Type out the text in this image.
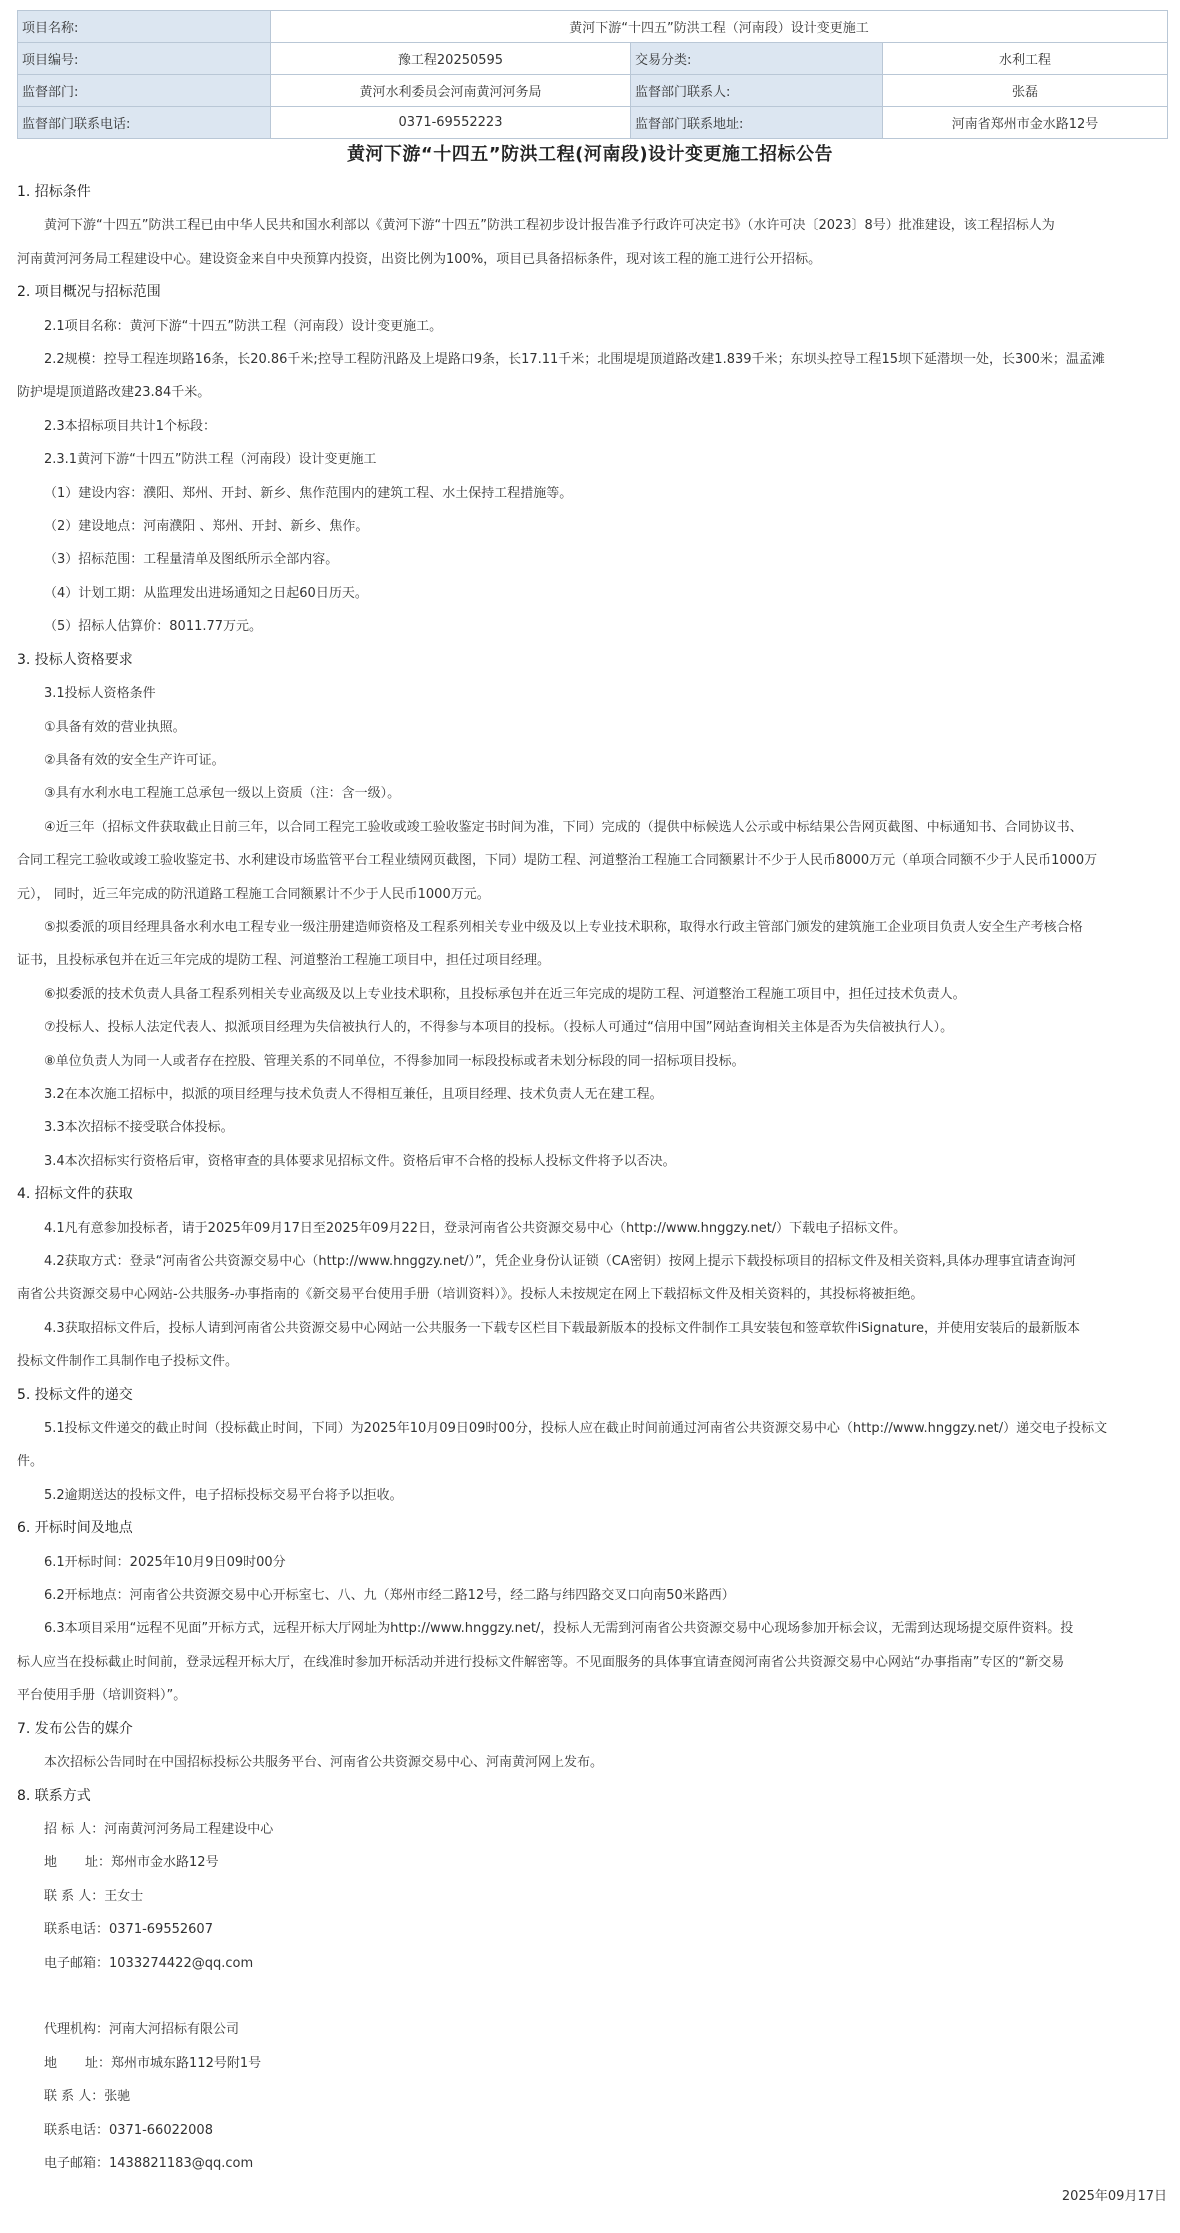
项目名称:	黄河下游“十四五”防洪工程（河南段）设计变更施工		
项目编号:	豫工程20250595	交易分类:	水利工程
监督部门:	黄河水利委员会河南黄河河务局	监督部门联系人:	张磊
监督部门联系电话:	0371-69552223	监督部门联系地址:	河南省郑州市金水路12号
黄河下游“十四五”防洪工程(河南段)设计变更施工招标公告

1. 招标条件

黄河下游“十四五”防洪工程已由中华人民共和国水利部以《黄河下游“十四五”防洪工程初步设计报告准予行政许可决定书》（水许可决〔2023〕8号）批准建设，该工程招标人为

河南黄河河务局工程建设中心。建设资金来自中央预算内投资，出资比例为100%，项目已具备招标条件，现对该工程的施工进行公开招标。

2. 项目概况与招标范围

2.1项目名称：黄河下游“十四五”防洪工程（河南段）设计变更施工。

2.2规模：控导工程连坝路16条，长20.86千米;控导工程防汛路及上堤路口9条，长17.11千米；北围堤堤顶道路改建1.839千米；东坝头控导工程15坝下延潜坝一处，长300米；温孟滩

防护堤堤顶道路改建23.84千米。

2.3本招标项目共计1个标段：

2.3.1黄河下游“十四五”防洪工程（河南段）设计变更施工

（1）建设内容：濮阳、郑州、开封、新乡、焦作范围内的建筑工程、水土保持工程措施等。

（2）建设地点：河南濮阳 、郑州、开封、新乡、焦作。

（3）招标范围：工程量清单及图纸所示全部内容。

（4）计划工期：从监理发出进场通知之日起60日历天。

（5）招标人估算价：8011.77万元。

3. 投标人资格要求

3.1投标人资格条件

①具备有效的营业执照。

②具备有效的安全生产许可证。

③具有水利水电工程施工总承包一级以上资质（注：含一级）。

④近三年（招标文件获取截止日前三年，以合同工程完工验收或竣工验收鉴定书时间为准，下同）完成的（提供中标候选人公示或中标结果公告网页截图、中标通知书、合同协议书、

合同工程完工验收或竣工验收鉴定书、水利建设市场监管平台工程业绩网页截图，下同）堤防工程、河道整治工程施工合同额累计不少于人民币8000万元（单项合同额不少于人民币1000万

元）， 同时，近三年完成的防汛道路工程施工合同额累计不少于人民币1000万元。

⑤拟委派的项目经理具备水利水电工程专业一级注册建造师资格及工程系列相关专业中级及以上专业技术职称，取得水行政主管部门颁发的建筑施工企业项目负责人安全生产考核合格

证书，且投标承包并在近三年完成的堤防工程、河道整治工程施工项目中，担任过项目经理。

⑥拟委派的技术负责人具备工程系列相关专业高级及以上专业技术职称，且投标承包并在近三年完成的堤防工程、河道整治工程施工项目中，担任过技术负责人。

⑦投标人、投标人法定代表人、拟派项目经理为失信被执行人的，不得参与本项目的投标。（投标人可通过“信用中国”网站查询相关主体是否为失信被执行人）。

⑧单位负责人为同一人或者存在控股、管理关系的不同单位，不得参加同一标段投标或者未划分标段的同一招标项目投标。

3.2在本次施工招标中，拟派的项目经理与技术负责人不得相互兼任，且项目经理、技术负责人无在建工程。

3.3本次招标不接受联合体投标。

3.4本次招标实行资格后审，资格审查的具体要求见招标文件。资格后审不合格的投标人投标文件将予以否决。

4. 招标文件的获取

4.1凡有意参加投标者，请于2025年09月17日至2025年09月22日，登录河南省公共资源交易中心（http://www.hnggzy.net/）下载电子招标文件。

4.2获取方式：登录“河南省公共资源交易中心（http://www.hnggzy.net/）”，凭企业身份认证锁（CA密钥）按网上提示下载投标项目的招标文件及相关资料,具体办理事宜请查询河

南省公共资源交易中心网站-公共服务-办事指南的《新交易平台使用手册（培训资料）》。投标人未按规定在网上下载招标文件及相关资料的，其投标将被拒绝。

4.3获取招标文件后，投标人请到河南省公共资源交易中心网站一公共服务一下载专区栏目下载最新版本的投标文件制作工具安装包和签章软件iSignature，并使用安装后的最新版本

投标文件制作工具制作电子投标文件。

5. 投标文件的递交

5.1投标文件递交的截止时间（投标截止时间，下同）为2025年10月09日09时00分，投标人应在截止时间前通过河南省公共资源交易中心（http://www.hnggzy.net/）递交电子投标文

件。

5.2逾期送达的投标文件，电子招标投标交易平台将予以拒收。

6. 开标时间及地点

6.1开标时间：2025年10月9日09时00分

6.2开标地点：河南省公共资源交易中心开标室七、八、九（郑州市经二路12号，经二路与纬四路交叉口向南50米路西）

6.3本项目采用“远程不见面”开标方式，远程开标大厅网址为http://www.hnggzy.net/，投标人无需到河南省公共资源交易中心现场参加开标会议，无需到达现场提交原件资料。投

标人应当在投标截止时间前，登录远程开标大厅，在线准时参加开标活动并进行投标文件解密等。不见面服务的具体事宜请查阅河南省公共资源交易中心网站“办事指南”专区的“新交易

平台使用手册（培训资料）”。

7. 发布公告的媒介

本次招标公告同时在中国招标投标公共服务平台、河南省公共资源交易中心、河南黄河网上发布。

8. 联系方式

招 标 人：河南黄河河务局工程建设中心

地 址：郑州市金水路12号

联 系 人：王女士

联系电话：0371-69552607

电子邮箱：1033274422@qq.com

代理机构：河南大河招标有限公司

地 址：郑州市城东路112号附1号

联 系 人：张驰

联系电话：0371-66022008

电子邮箱：1438821183@qq.com

2025年09月17日
